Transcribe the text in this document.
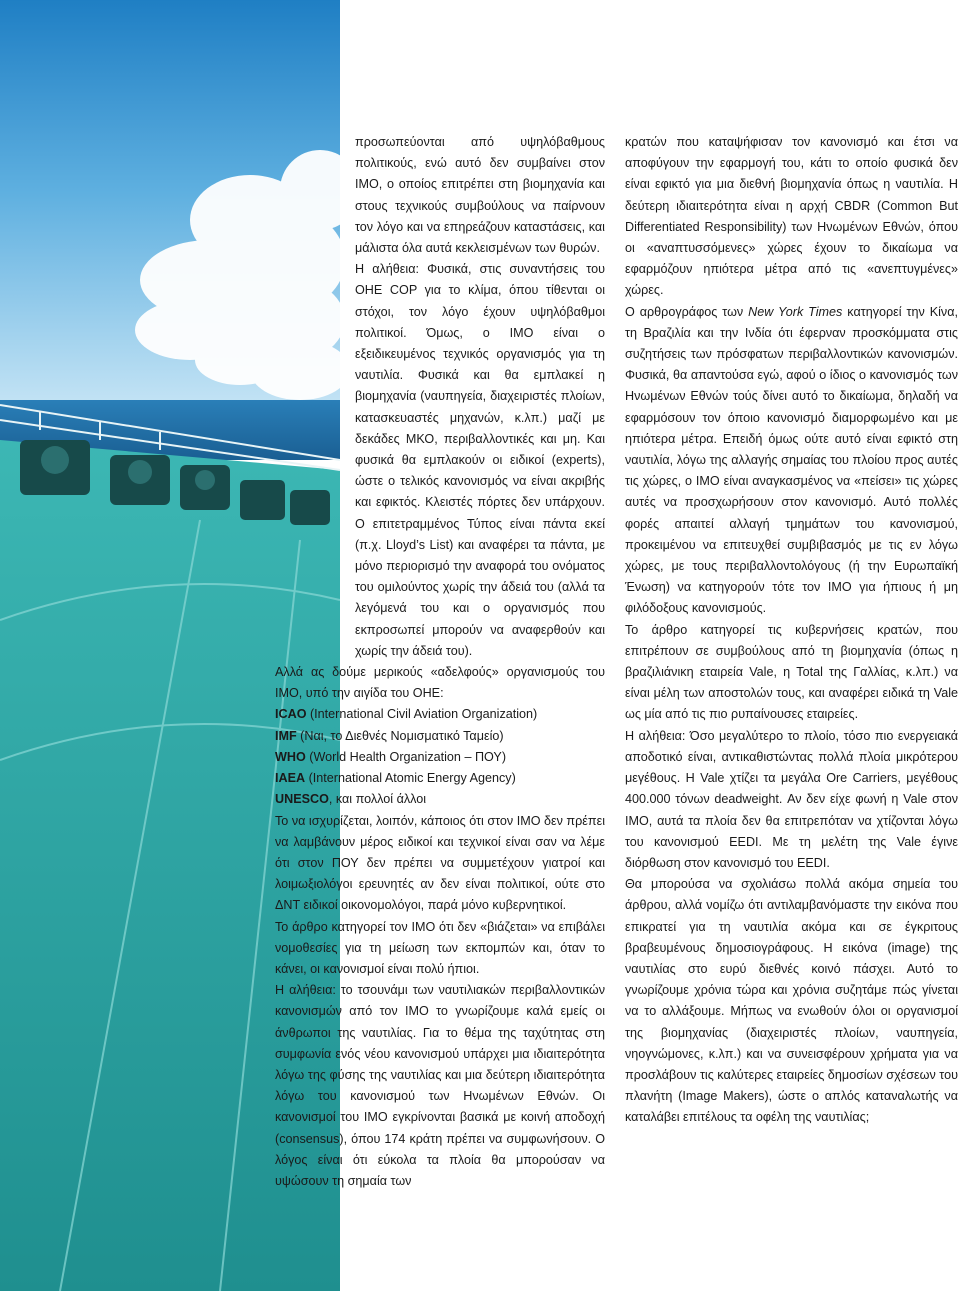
προσωπεύονται από υψηλόβαθμους πολιτικούς, ενώ αυτό δεν συμβαίνει στον IMO, ο οποίος επιτρέπει στη βιομηχανία και στους τεχνικούς συμβούλους να παίρνουν τον λόγο και να επηρεάζουν καταστάσεις, και μάλιστα όλα αυτά κεκλεισμένων των θυρών.

Η αλήθεια: Φυσικά, στις συναντήσεις του ΟΗΕ COP για το κλίμα, όπου τίθενται οι στόχοι, τον λόγο έχουν υψηλόβαθμοι πολιτικοί. Όμως, ο IMO είναι ο εξειδικευμένος τεχνικός οργανισμός για τη ναυτιλία. Φυσικά και θα εμπλακεί η βιομηχανία (ναυπηγεία, διαχειριστές πλοίων, κατασκευαστές μηχανών, κ.λπ.) μαζί με δεκάδες ΜΚΟ, περιβαλλοντικές και μη. Και φυσικά θα εμπλακούν οι ειδικοί (experts), ώστε ο τελικός κανονισμός να είναι ακριβής και εφικτός. Κλειστές πόρτες δεν υπάρχουν. Ο επιτετραμμένος Τύπος είναι πάντα εκεί (π.χ. Lloyd’s List) και αναφέρει τα πάντα, με μόνο περιορισμό την αναφορά του ονόματος του ομιλούντος χωρίς την άδειά του (αλλά τα λεγόμενά του και ο οργανισμός που εκπροσωπεί μπορούν να αναφερθούν και χωρίς την άδειά του).

Αλλά ας δούμε μερικούς «αδελφούς» οργανισμούς του IMO, υπό την αιγίδα του ΟΗΕ:

ICAO (International Civil Aviation Organization)

IMF (Ναι, το Διεθνές Νομισματικό Ταμείο)

WHO (World Health Organization – ΠΟΥ)

IAEA (International Atomic Energy Agency)

UNESCO, και πολλοί άλλοι

Το να ισχυρίζεται, λοιπόν, κάποιος ότι στον IMO δεν πρέπει να λαμβάνουν μέρος ειδικοί και τεχνικοί είναι σαν να λέμε ότι στον ΠΟΥ δεν πρέπει να συμμετέχουν γιατροί και λοιμωξιολόγοι ερευνητές αν δεν είναι πολιτικοί, ούτε στο ΔΝΤ ειδικοί οικονομολόγοι, παρά μόνο κυβερνητικοί.

Το άρθρο κατηγορεί τον IMO ότι δεν «βιάζεται» να επιβάλει νομοθεσίες για τη μείωση των εκπομπών και, όταν το κάνει, οι κανονισμοί είναι πολύ ήπιοι.

Η αλήθεια: το τσουνάμι των ναυτιλιακών περιβαλλοντικών κανονισμών από τον IMO το γνωρίζουμε καλά εμείς οι άνθρωποι της ναυτιλίας. Για το θέμα της ταχύτητας στη συμφωνία ενός νέου κανονισμού υπάρχει μια ιδιαιτερότητα λόγω της φύσης της ναυτιλίας και μια δεύτερη ιδιαιτερότητα λόγω του κανονισμού των Ηνωμένων Εθνών. Οι κανονισμοί του IMO εγκρίνονται βασικά με κοινή αποδοχή (consensus), όπου 174 κράτη πρέπει να συμφωνήσουν. Ο λόγος είναι ότι εύκολα τα πλοία θα μπορούσαν να υψώσουν τη σημαία των

κρατών που καταψήφισαν τον κανονισμό και έτσι να αποφύγουν την εφαρμογή του, κάτι το οποίο φυσικά δεν είναι εφικτό για μια διεθνή βιομηχανία όπως η ναυτιλία. Η δεύτερη ιδιαιτερότητα είναι η αρχή CBDR (Common But Differentiated Responsibility) των Ηνωμένων Εθνών, όπου οι «αναπτυσσόμενες» χώρες έχουν το δικαίωμα να εφαρμόζουν ηπιότερα μέτρα από τις «ανεπτυγμένες» χώρες.

Ο αρθρογράφος των New York Times κατηγορεί την Κίνα, τη Βραζιλία και την Ινδία ότι έφερναν προσκόμματα στις συζητήσεις των πρόσφατων περιβαλλοντικών κανονισμών. Φυσικά, θα απαντούσα εγώ, αφού ο ίδιος ο κανονισμός των Ηνωμένων Εθνών τούς δίνει αυτό το δικαίωμα, δηλαδή να εφαρμόσουν τον όποιο κανονισμό διαμορφωμένο και με ηπιότερα μέτρα. Επειδή όμως ούτε αυτό είναι εφικτό στη ναυτιλία, λόγω της αλλαγής σημαίας του πλοίου προς αυτές τις χώρες, ο IMO είναι αναγκασμένος να «πείσει» τις χώρες αυτές να προσχωρήσουν στον κανονισμό. Αυτό πολλές φορές απαιτεί αλλαγή τμημάτων του κανονισμού, προκειμένου να επιτευχθεί συμβιβασμός με τις εν λόγω χώρες, με τους περιβαλλοντολόγους (ή την Ευρωπαϊκή Ένωση) να κατηγορούν τότε τον IMO για ήπιους ή μη φιλόδοξους κανονισμούς.

Το άρθρο κατηγορεί τις κυβερνήσεις κρατών, που επιτρέπουν σε συμβούλους από τη βιομηχανία (όπως η βραζιλιάνικη εταιρεία Vale, η Total της Γαλλίας, κ.λπ.) να είναι μέλη των αποστολών τους, και αναφέρει ειδικά τη Vale ως μία από τις πιο ρυπαίνουσες εταιρείες.

Η αλήθεια: Όσο μεγαλύτερο το πλοίο, τόσο πιο ενεργειακά αποδοτικό είναι, αντικαθιστώντας πολλά πλοία μικρότερου μεγέθους. Η Vale χτίζει τα μεγάλα Ore Carriers, μεγέθους 400.000 τόνων deadweight. Αν δεν είχε φωνή η Vale στον IMO, αυτά τα πλοία δεν θα επιτρεπόταν να χτίζονται λόγω του κανονισμού EEDI. Με τη μελέτη της Vale έγινε διόρθωση στον κανονισμό του EEDI.

Θα μπορούσα να σχολιάσω πολλά ακόμα σημεία του άρθρου, αλλά νομίζω ότι αντιλαμβανόμαστε την εικόνα που επικρατεί για τη ναυτιλία ακόμα και σε έγκριτους βραβευμένους δημοσιογράφους. Η εικόνα (image) της ναυτιλίας στο ευρύ διεθνές κοινό πάσχει. Αυτό το γνωρίζουμε χρόνια τώρα και χρόνια συζητάμε πώς γίνεται να το αλλάξουμε. Μήπως να ενωθούν όλοι οι οργανισμοί της βιομηχανίας (διαχειριστές πλοίων, ναυπηγεία, νηογνώμονες, κ.λπ.) και να συνεισφέρουν χρήματα για να προσλάβουν τις καλύτερες εταιρείες δημοσίων σχέσεων του πλανήτη (Image Makers), ώστε ο απλός καταναλωτής να καταλάβει επιτέλους τα οφέλη της ναυτιλίας;
